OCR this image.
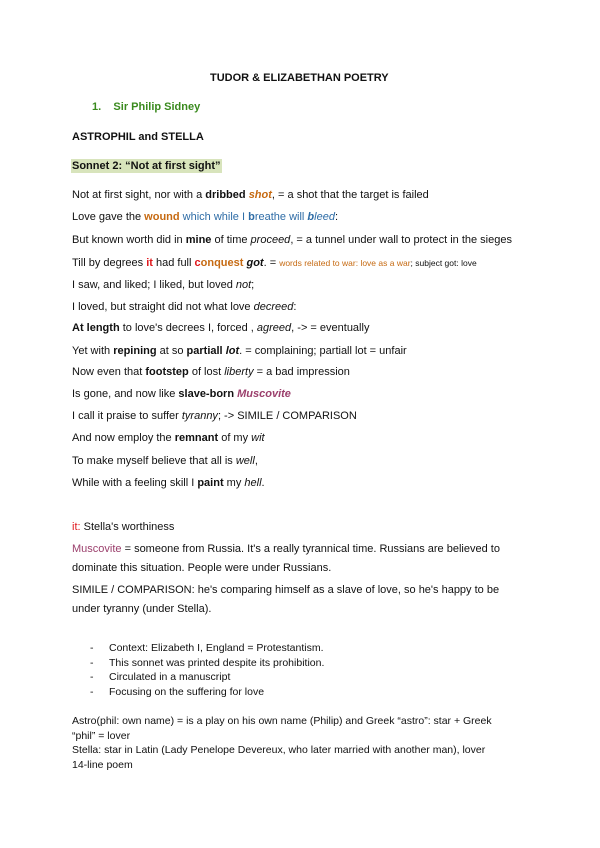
TUDOR & ELIZABETHAN POETRY
1. Sir Philip Sidney
ASTROPHIL and STELLA
Sonnet 2: “Not at first sight”
Not at first sight, nor with a dribbed shot, = a shot that the target is failed
Love gave the wound which while I breathe will bleed:
But known worth did in mine of time proceed, = a tunnel under wall to protect in the sieges
Till by degrees it had full conquest got. = words related to war: love as a war; subject got: love
I saw, and liked; I liked, but loved not;
I loved, but straight did not what love decreed:
At length to love's decrees I, forced , agreed, -> = eventually
Yet with repining at so partiall lot. = complaining; partiall lot = unfair
Now even that footstep of lost liberty = a bad impression
Is gone, and now like slave-born Muscovite
I call it praise to suffer tyranny; -> SIMILE / COMPARISON
And now employ the remnant of my wit
To make myself believe that all is well,
While with a feeling skill I paint my hell.
it: Stella's worthiness
Muscovite = someone from Russia. It's a really tyrannical time. Russians are believed to
dominate this situation. People were under Russians.
SIMILE / COMPARISON: he's comparing himself as a slave of love, so he's happy to be
under tyranny (under Stella).
- Context: Elizabeth I, England = Protestantism.
- This sonnet was printed despite its prohibition.
- Circulated in a manuscript
- Focusing on the suffering for love
Astro(phil: own name) = is a play on his own name (Philip) and Greek “astro”: star + Greek
“phil” = lover
Stella: star in Latin (Lady Penelope Devereux, who later married with another man), lover
14-line poem
